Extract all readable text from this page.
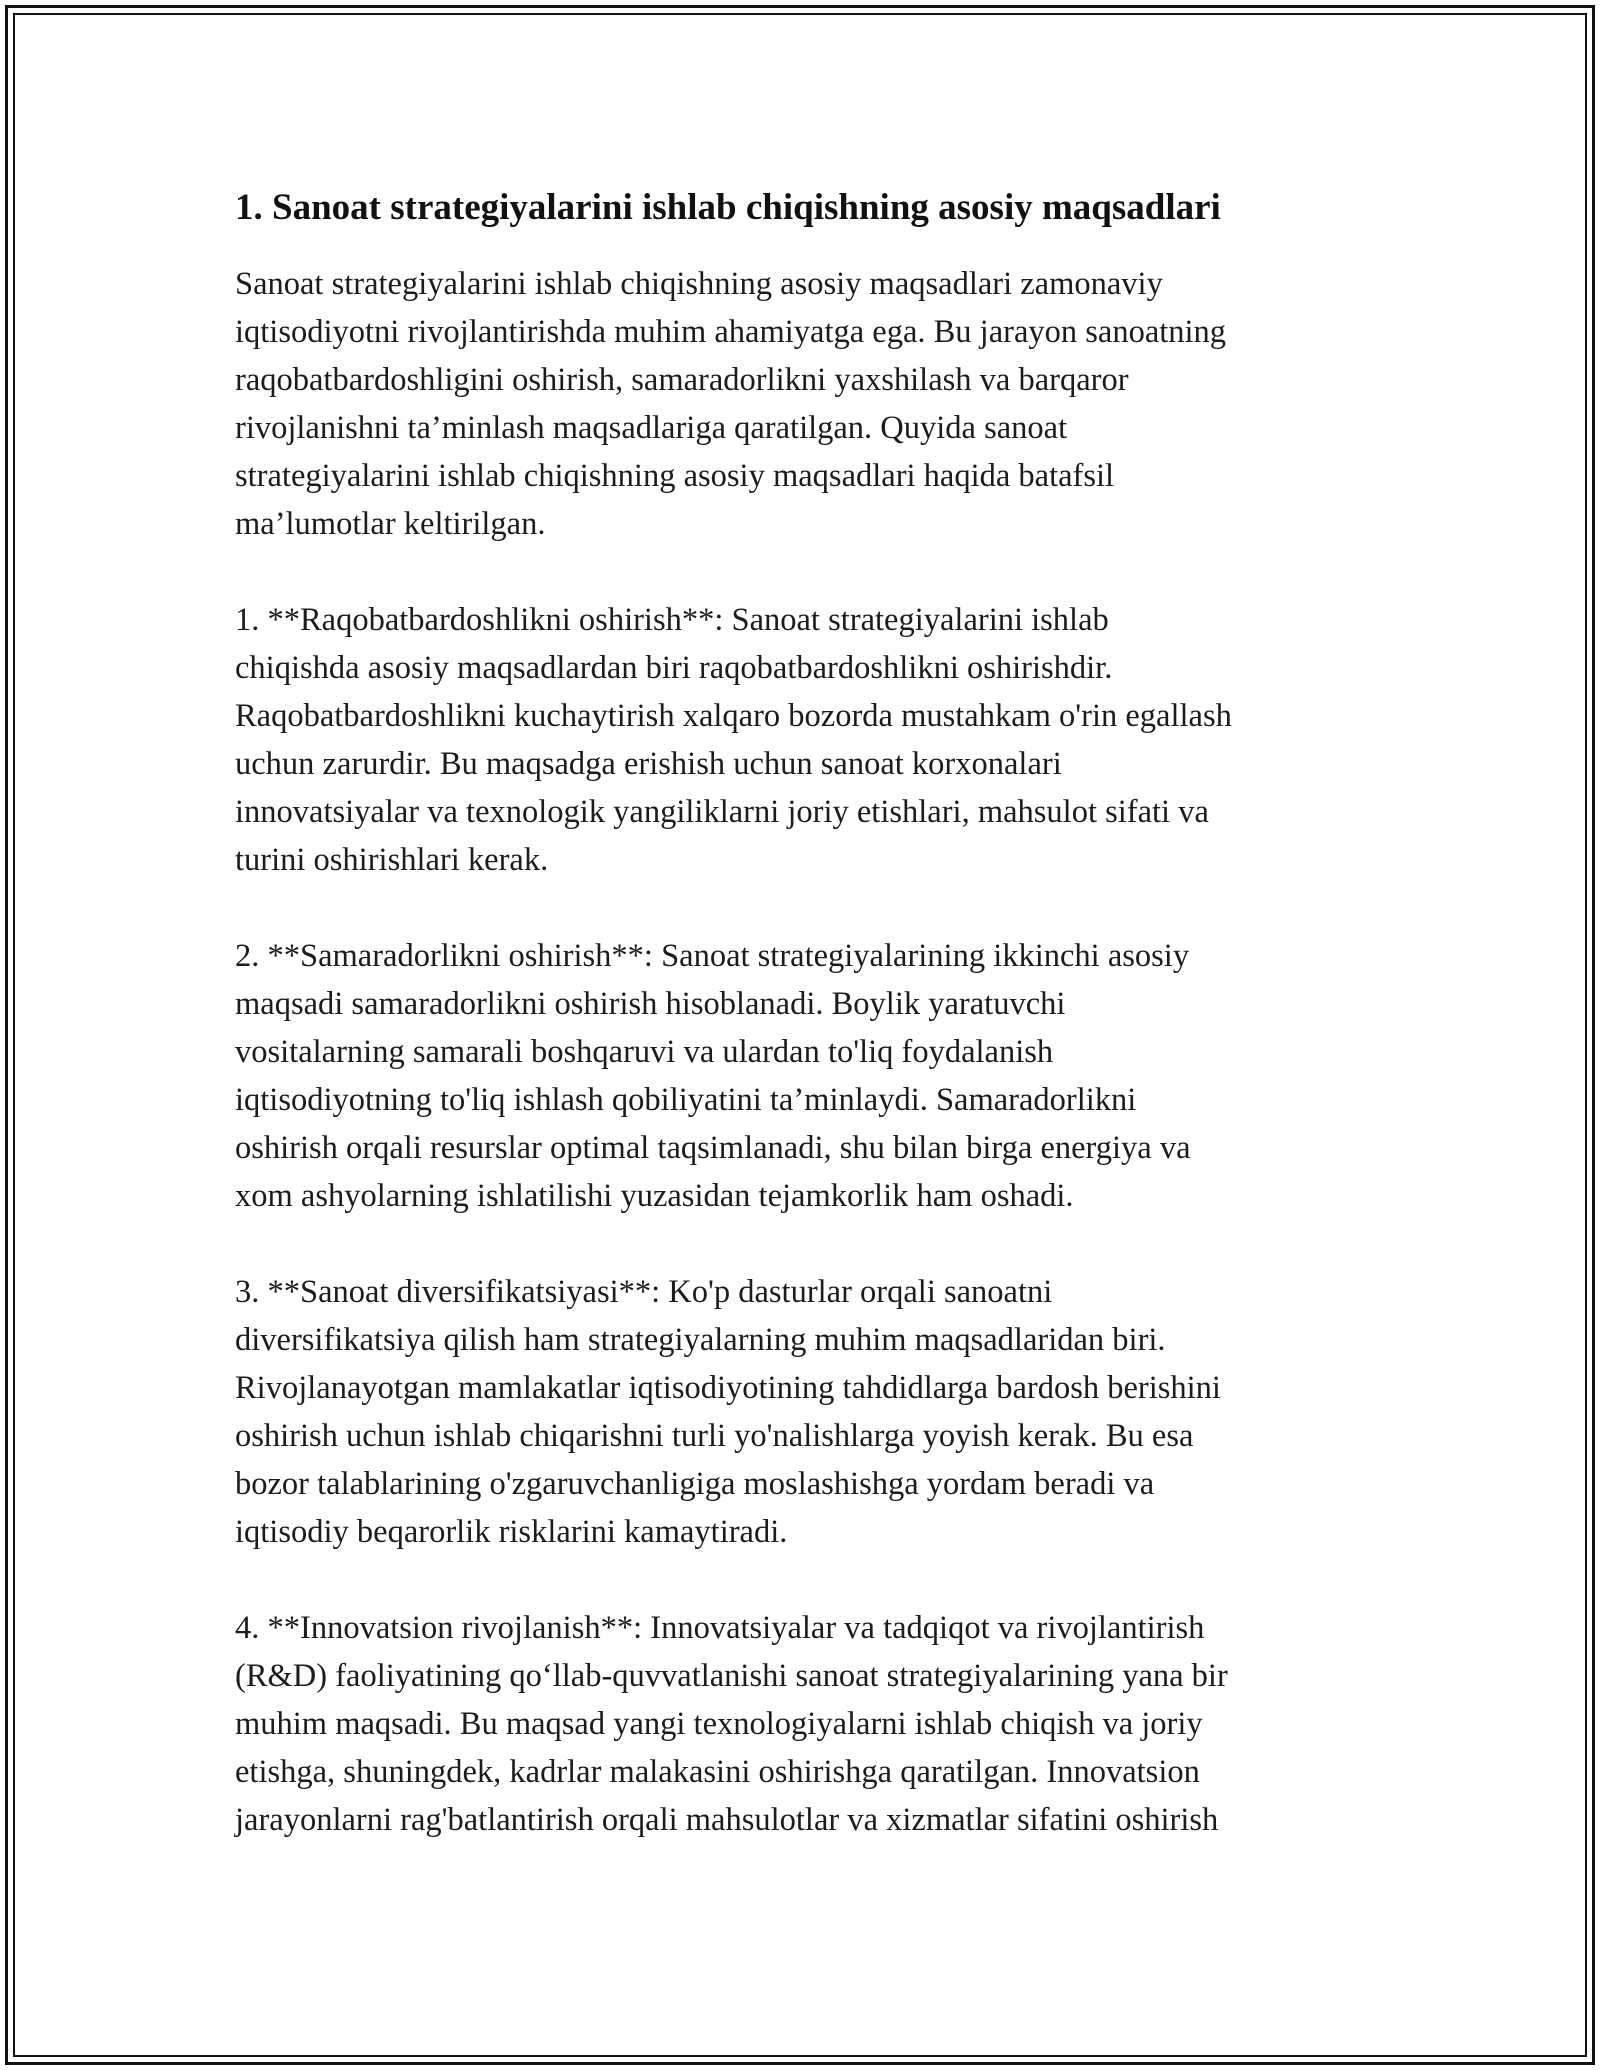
1. Sanoat strategiyalarini ishlab chiqishning asosiy maqsadlari
Sanoat strategiyalarini ishlab chiqishning asosiy maqsadlari zamonaviy
iqtisodiyotni rivojlantirishda muhim ahamiyatga ega. Bu jarayon sanoatning
raqobatbardoshligini oshirish, samaradorlikni yaxshilash va barqaror
rivojlanishni ta’minlash maqsadlariga qaratilgan. Quyida sanoat
strategiyalarini ishlab chiqishning asosiy maqsadlari haqida batafsil
ma’lumotlar keltirilgan.
1. **Raqobatbardoshlikni oshirish**: Sanoat strategiyalarini ishlab
chiqishda asosiy maqsadlardan biri raqobatbardoshlikni oshirishdir.
Raqobatbardoshlikni kuchaytirish xalqaro bozorda mustahkam o'rin egallash
uchun zarurdir. Bu maqsadga erishish uchun sanoat korxonalari
innovatsiyalar va texnologik yangiliklarni joriy etishlari, mahsulot sifati va
turini oshirishlari kerak.
2. **Samaradorlikni oshirish**: Sanoat strategiyalarining ikkinchi asosiy
maqsadi samaradorlikni oshirish hisoblanadi. Boylik yaratuvchi
vositalarning samarali boshqaruvi va ulardan to'liq foydalanish
iqtisodiyotning to'liq ishlash qobiliyatini ta’minlaydi. Samaradorlikni
oshirish orqali resurslar optimal taqsimlanadi, shu bilan birga energiya va
xom ashyolarning ishlatilishi yuzasidan tejamkorlik ham oshadi.
3. **Sanoat diversifikatsiyasi**: Ko'p dasturlar orqali sanoatni
diversifikatsiya qilish ham strategiyalarning muhim maqsadlaridan biri.
Rivojlanayotgan mamlakatlar iqtisodiyotining tahdidlarga bardosh berishini
oshirish uchun ishlab chiqarishni turli yo'nalishlarga yoyish kerak. Bu esa
bozor talablarining o'zgaruvchanligiga moslashishga yordam beradi va
iqtisodiy beqarorlik risklarini kamaytiradi.
4. **Innovatsion rivojlanish**: Innovatsiyalar va tadqiqot va rivojlantirish
(R&D) faoliyatining qo‘llab-quvvatlanishi sanoat strategiyalarining yana bir
muhim maqsadi. Bu maqsad yangi texnologiyalarni ishlab chiqish va joriy
etishga, shuningdek, kadrlar malakasini oshirishga qaratilgan. Innovatsion
jarayonlarni rag'batlantirish orqali mahsulotlar va xizmatlar sifatini oshirish
